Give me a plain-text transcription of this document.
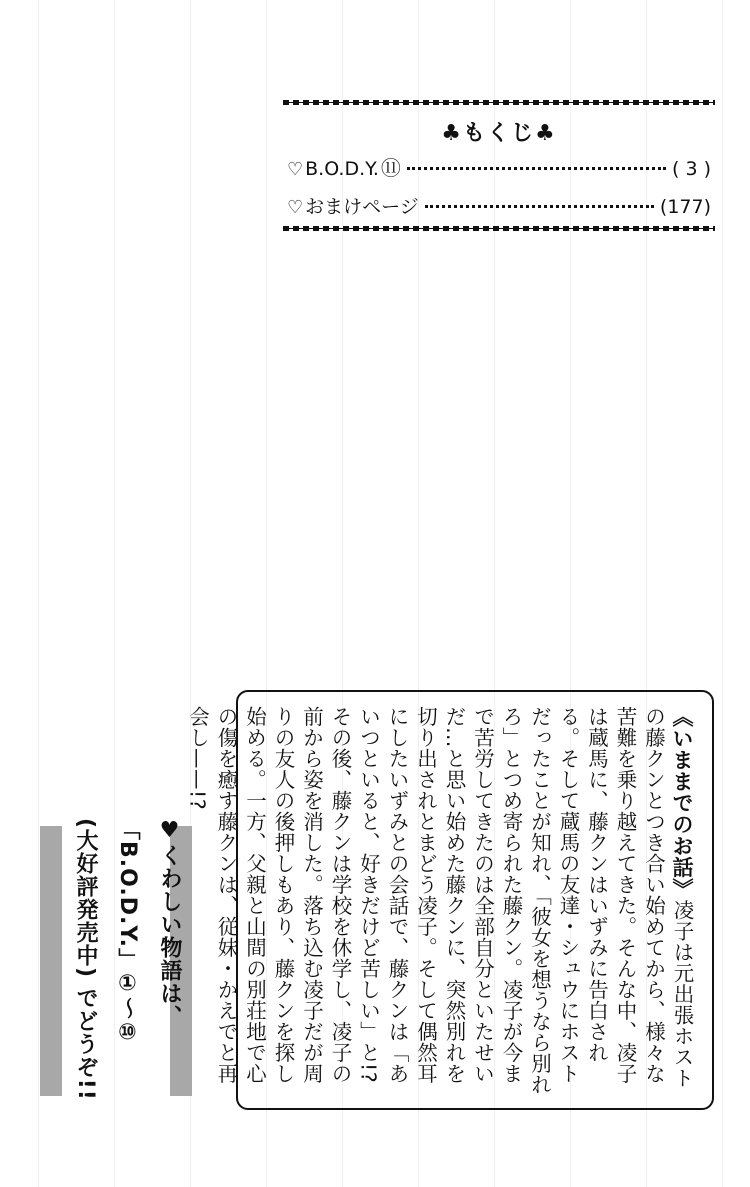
♣もくじ♣
♡ B.O.D.Y. ⑪	( 3 )
♡ おまけページ	(177)
《いままでのお話》凌子は元出張ホストの藤クンとつき合い始めてから、様々な苦難を乗り越えてきた。そんな中、凌子は蔵馬に、藤クンはいずみに告白される。そして蔵馬の友達・シュウにホストだったことが知れ、「彼女を想うなら別れろ」とつめ寄られた藤クン。凌子が今まで苦労してきたのは全部自分といたせいだ…と思い始めた藤クンに、突然別れを切り出されとまどう凌子。そして偶然耳にしたいずみとの会話で、藤クンは「あいつといると、好きだけど苦しい」と!? その後、藤クンは学校を休学し、凌子の前から姿を消した。落ち込む凌子だが周りの友人の後押しもあり、藤クンを探し始める。一方、父親と山間の別荘地で心の傷を癒す藤クンは、従妹・かえでと再会し——!?
♥くわしい物語は、
「B.O.D.Y.」①〜⑩
(大好評発売中) でどうぞ!!
